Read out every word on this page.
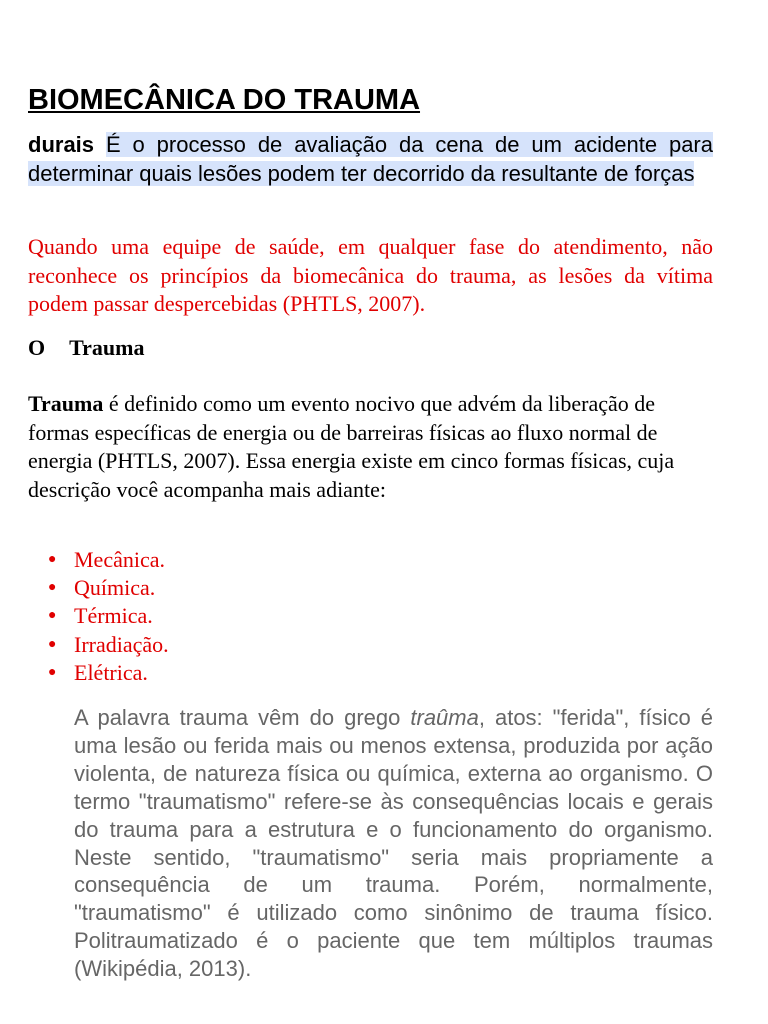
BIOMECÂNICA DO TRAUMA

durais É o processo de avaliação da cena de um acidente para determinar quais lesões podem ter decorrido da resultante de forças

Quando uma equipe de saúde, em qualquer fase do atendimento, não reconhece os princípios da biomecânica do trauma, as lesões da vítima podem passar despercebidas (PHTLS, 2007).

O Trauma

Trauma é definido como um evento nocivo que advém da liberação de formas específicas de energia ou de barreiras físicas ao fluxo normal de energia (PHTLS, 2007). Essa energia existe em cinco formas físicas, cuja descrição você acompanha mais adiante:

● Mecânica.
● Química.
● Térmica.
● Irradiação.
● Elétrica.

A palavra trauma vêm do grego traûma, atos: "ferida", físico é uma lesão ou ferida mais ou menos extensa, produzida por ação violenta, de natureza física ou química, externa ao organismo. O termo "traumatismo" refere-se às consequências locais e gerais do trauma para a estrutura e o funcionamento do organismo. Neste sentido, "traumatismo" seria mais propriamente a consequência de um trauma. Porém, normalmente, "traumatismo" é utilizado como sinônimo de trauma físico. Politraumatizado é o paciente que tem múltiplos traumas (Wikipédia, 2013).
